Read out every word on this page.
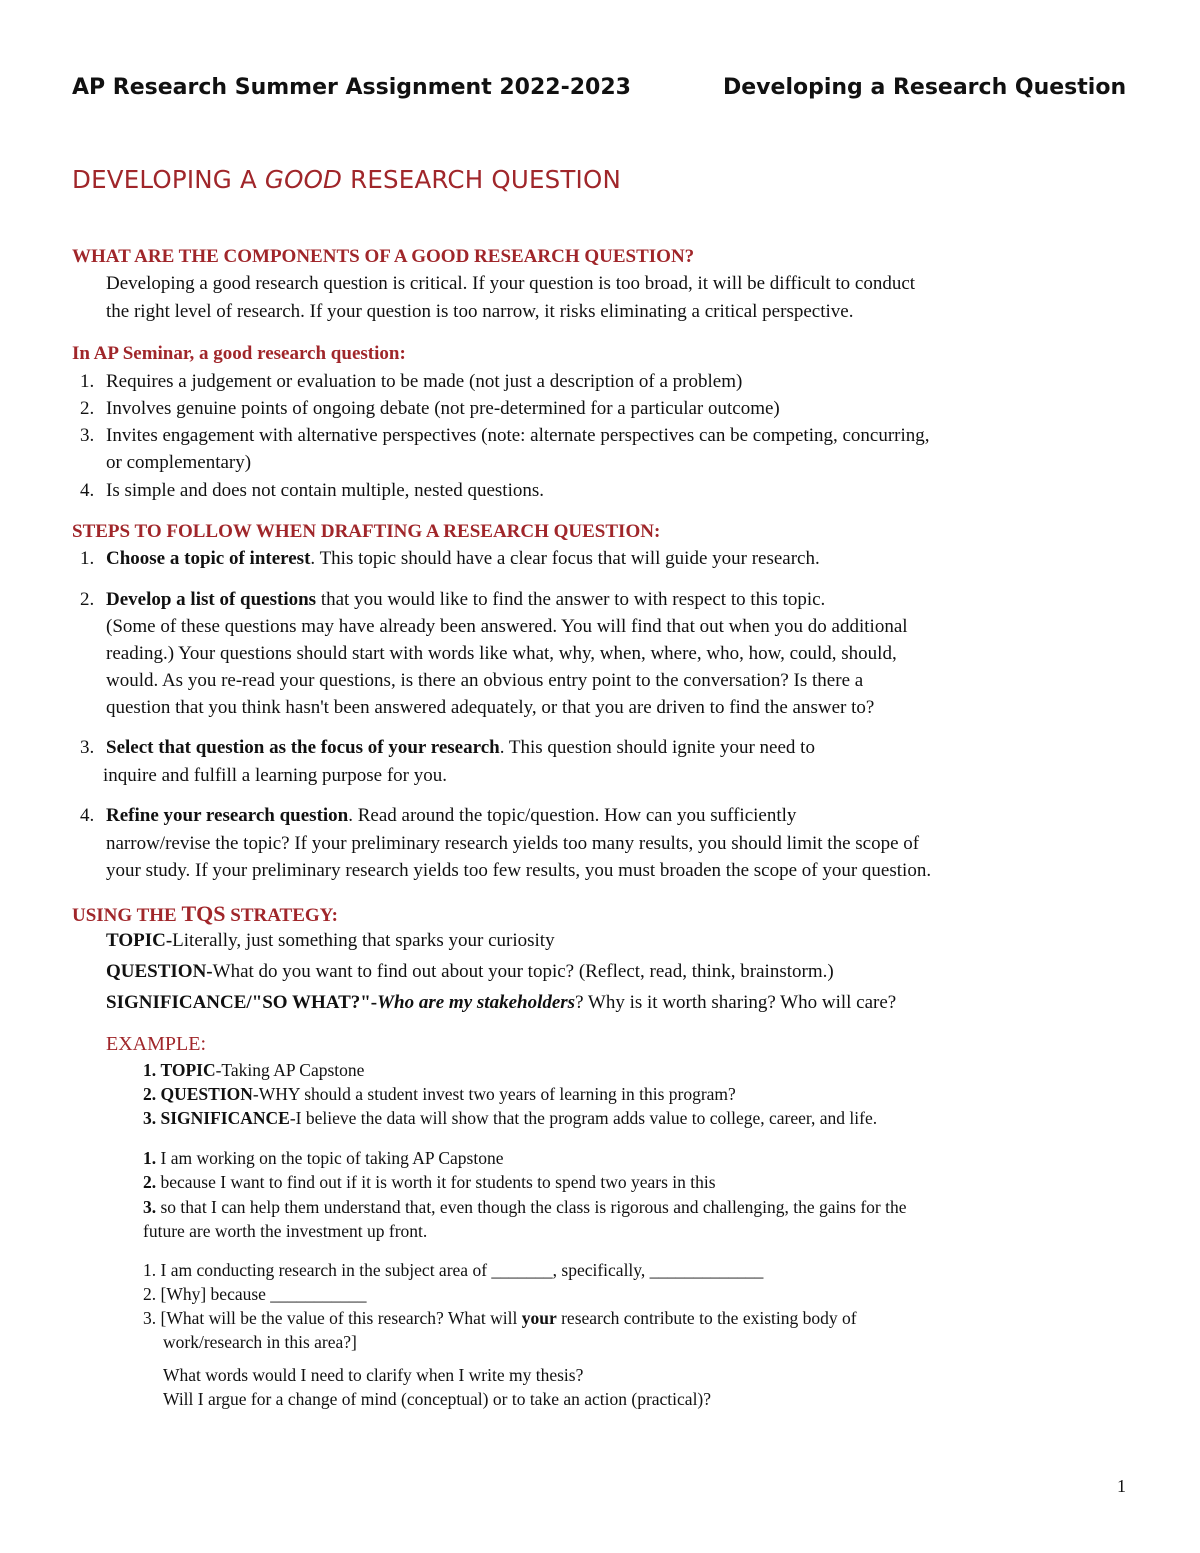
AP Research Summer Assignment 2022-2023	Developing a Research Question
DEVELOPING A GOOD RESEARCH QUESTION
WHAT ARE THE COMPONENTS OF A GOOD RESEARCH QUESTION?
Developing a good research question is critical. If your question is too broad, it will be difficult to conduct
the right level of research. If your question is too narrow, it risks eliminating a critical perspective.
In AP Seminar, a good research question:
1. Requires a judgement or evaluation to be made (not just a description of a problem)
2. Involves genuine points of ongoing debate (not pre-determined for a particular outcome)
3. Invites engagement with alternative perspectives (note: alternate perspectives can be competing, concurring,
or complementary)
4. Is simple and does not contain multiple, nested questions.
STEPS TO FOLLOW WHEN DRAFTING A RESEARCH QUESTION:
1. Choose a topic of interest. This topic should have a clear focus that will guide your research.
2. Develop a list of questions that you would like to find the answer to with respect to this topic.
(Some of these questions may have already been answered. You will find that out when you do additional
reading.) Your questions should start with words like what, why, when, where, who, how, could, should,
would. As you re-read your questions, is there an obvious entry point to the conversation? Is there a
question that you think hasn't been answered adequately, or that you are driven to find the answer to?
3. Select that question as the focus of your research. This question should ignite your need to
inquire and fulfill a learning purpose for you.
4. Refine your research question. Read around the topic/question. How can you sufficiently
narrow/revise the topic? If your preliminary research yields too many results, you should limit the scope of
your study. If your preliminary research yields too few results, you must broaden the scope of your question.
USING THE TQS STRATEGY:
TOPIC-Literally, just something that sparks your curiosity
QUESTION-What do you want to find out about your topic? (Reflect, read, think, brainstorm.)
SIGNIFICANCE/"SO WHAT?"-Who are my stakeholders? Why is it worth sharing? Who will care?
EXAMPLE:
1. TOPIC-Taking AP Capstone
2. QUESTION-WHY should a student invest two years of learning in this program?
3. SIGNIFICANCE-I believe the data will show that the program adds value to college, career, and life.
1. I am working on the topic of taking AP Capstone
2. because I want to find out if it is worth it for students to spend two years in this
3. so that I can help them understand that, even though the class is rigorous and challenging, the gains for the
future are worth the investment up front.
1. I am conducting research in the subject area of _______, specifically, _____________
2. [Why] because ___________
3. [What will be the value of this research? What will your research contribute to the existing body of
work/research in this area?]
What words would I need to clarify when I write my thesis?
Will I argue for a change of mind (conceptual) or to take an action (practical)?
1
